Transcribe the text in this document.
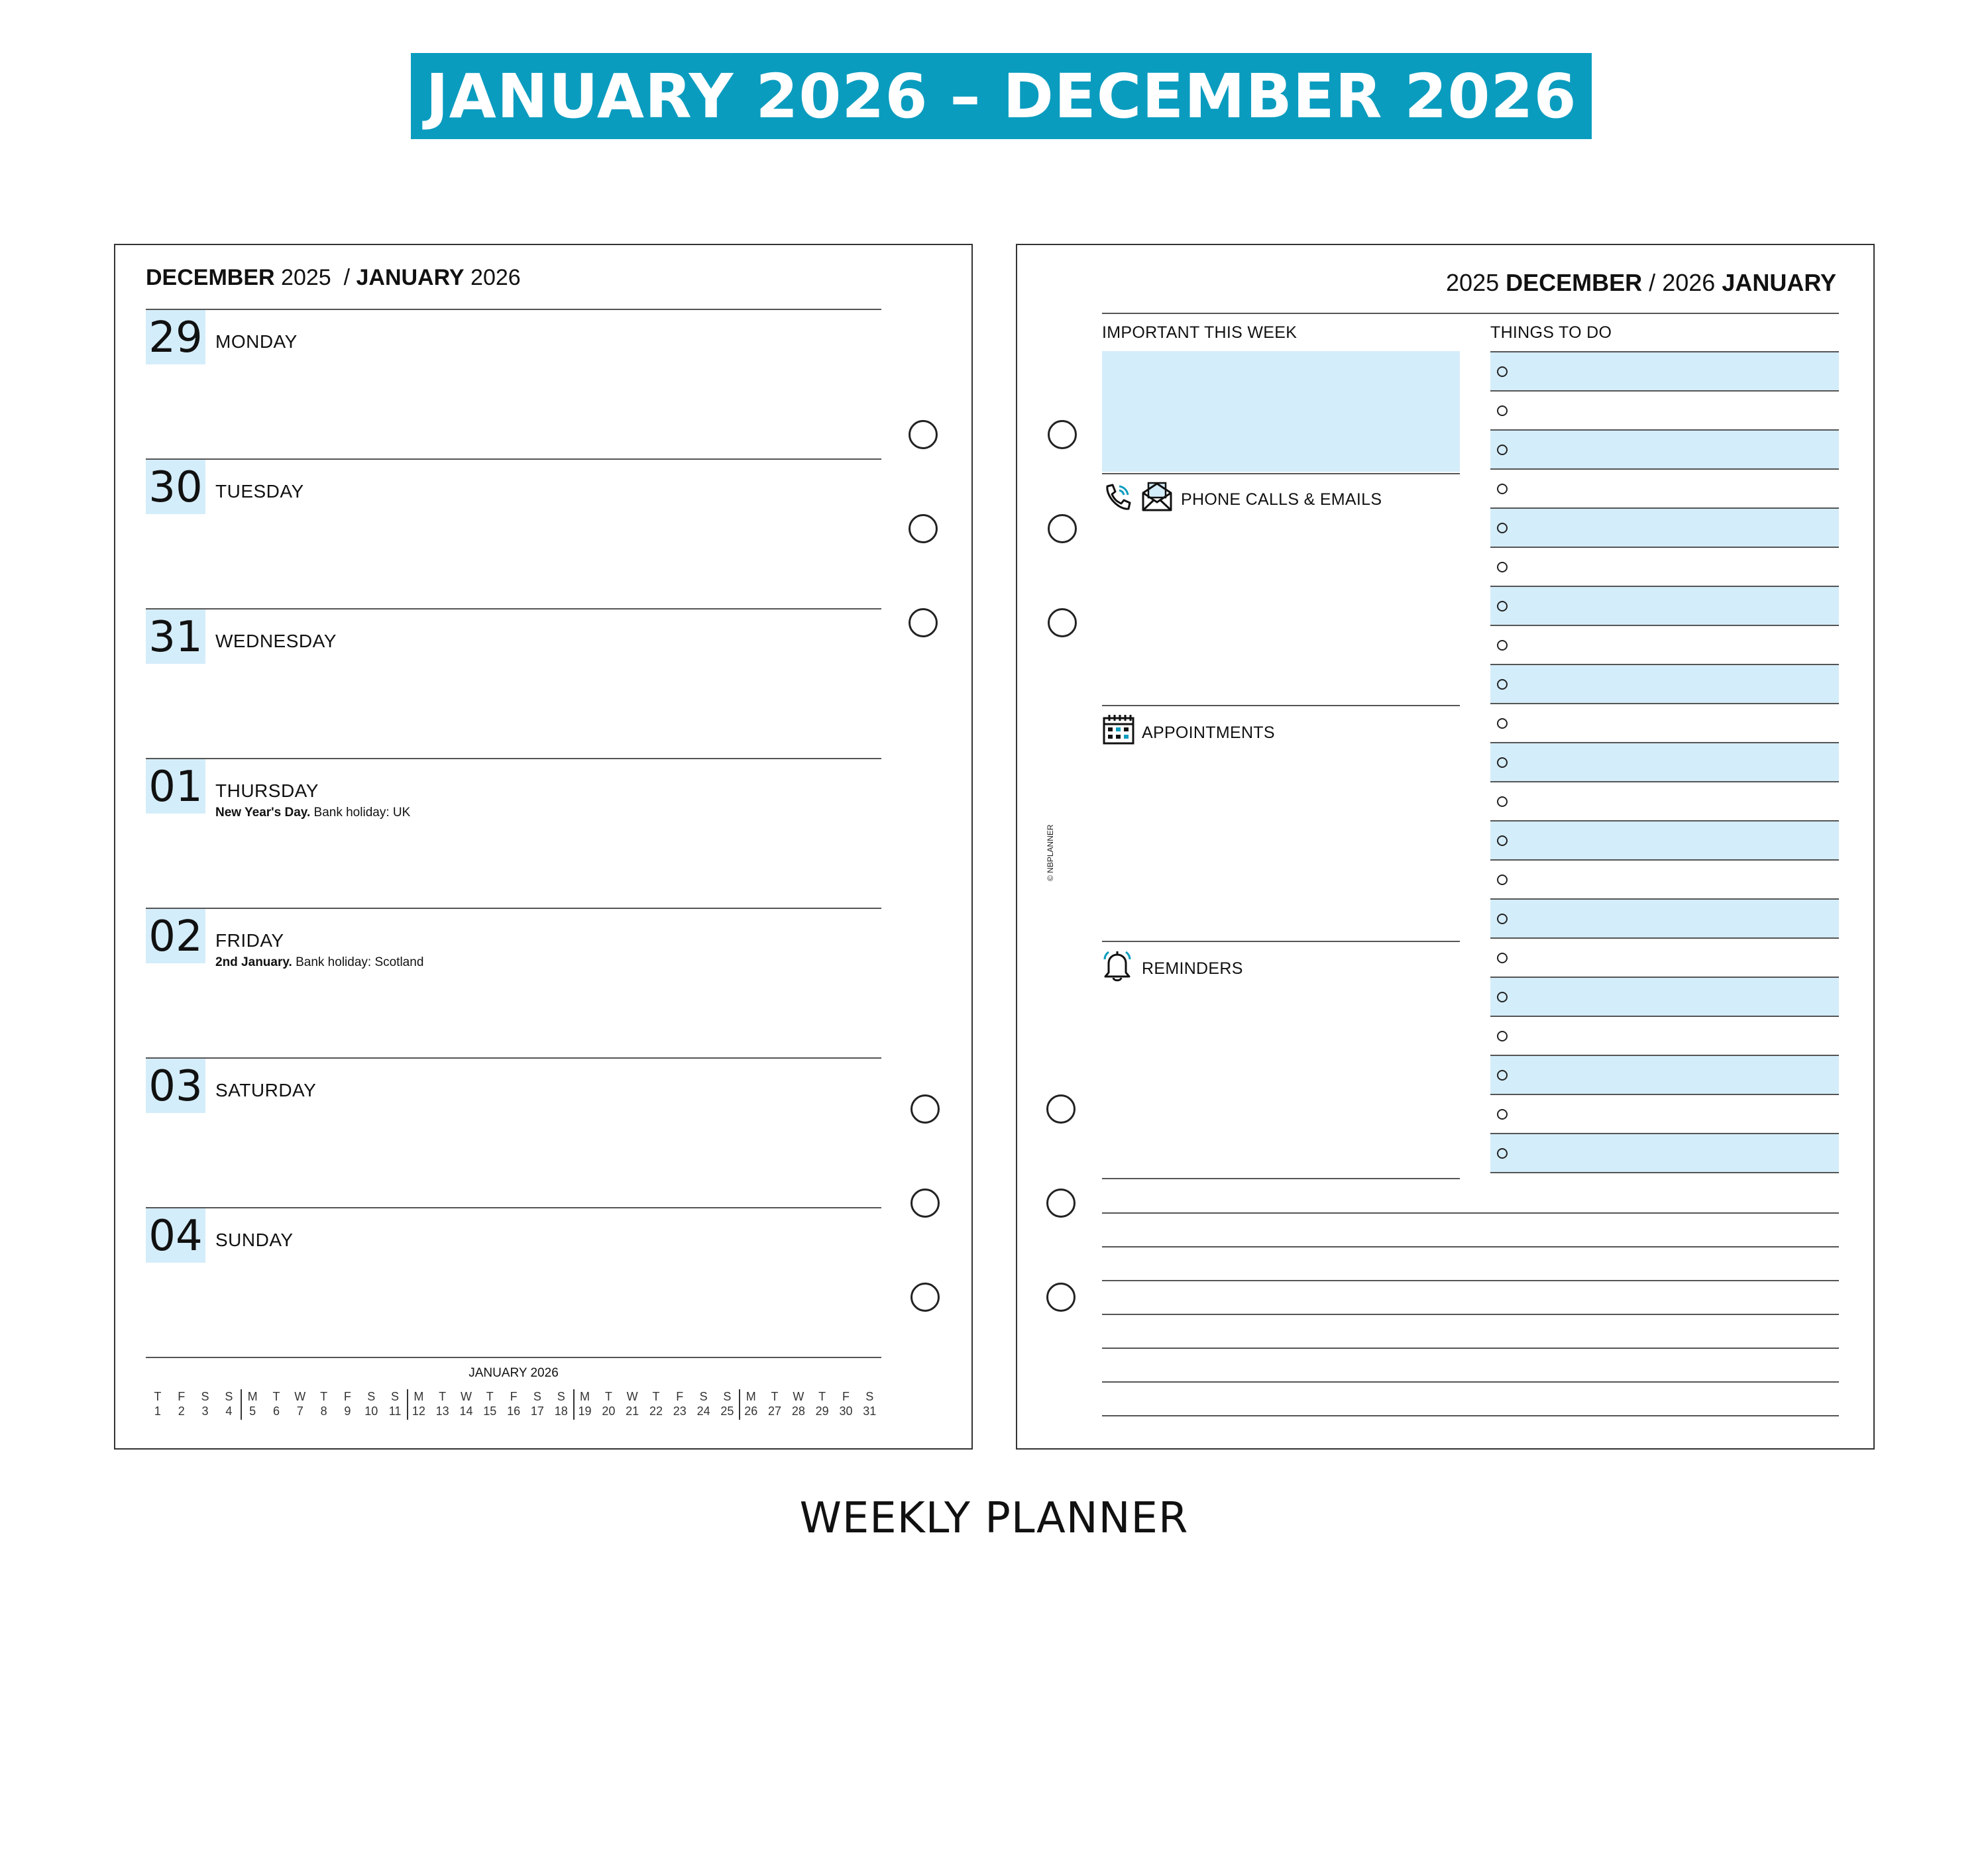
JANUARY 2026 – DECEMBER 2026
DECEMBER 2025 / JANUARY 2026
29 MONDAY
30 TUESDAY
31 WEDNESDAY
01 THURSDAY
New Year's Day. Bank holiday: UK
02 FRIDAY
2nd January. Bank holiday: Scotland
03 SATURDAY
04 SUNDAY
JANUARY 2026
T
1
F
2
S
3
S
4
M
5
T
6
W
7
T
8
F
9
S
10
S
11
M
12
T
13
W
14
T
15
F
16
S
17
S
18
M
19
T
20
W
21
T
22
F
23
S
24
S
25
M
26
T
27
W
28
T
29
F
30
S
31
2025 DECEMBER / 2026 JANUARY
IMPORTANT THIS WEEK	THINGS TO DO
PHONE CALLS & EMAILS
APPOINTMENTS
REMINDERS
© NBPLANNER
WEEKLY PLANNER
